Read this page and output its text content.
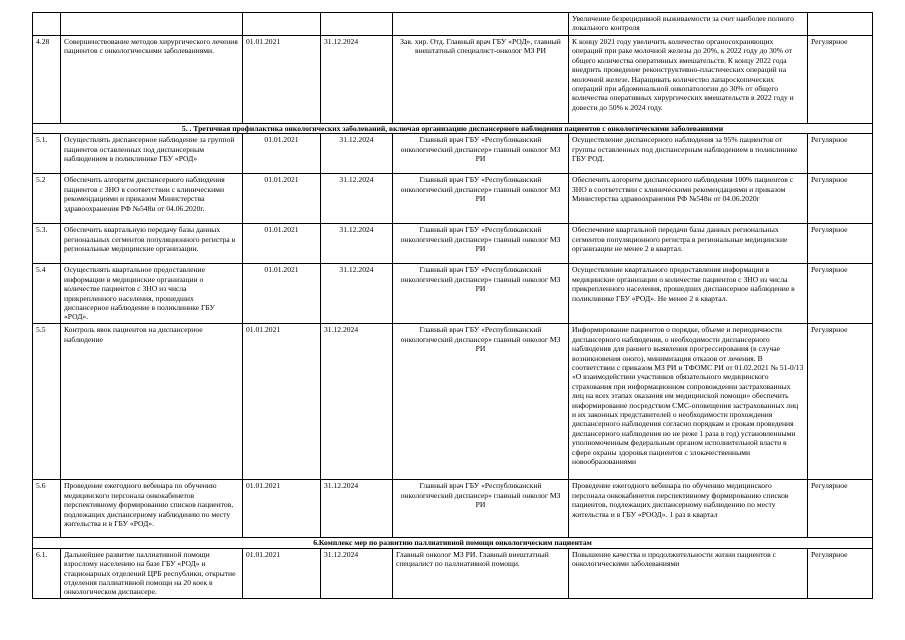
					Увеличение безрецидивной выживаемости за счет наиболее полного локального контроля	
4.28	Совершенствование методов хирургического лечения пациентов с онкологическими заболеваниями.	01.01.2021	31.12.2024	Зав. хир. Отд. Главный врач ГБУ «РОД», главный внештатный специалист-онколог МЗ РИ	К концу 2021 году увеличить количество органосохраняющих операций при раке молочной железы до 20%, к 2022 году до 30% от общего количества оперативных вмешательств. К концу 2022 года внедрить проведение реконструктивно-пластических операций на молочной железе. Наращивать количество лапароскопических операций при абдоминальной онкопатологии до 30% от общего количества оперативных хирургических вмешательств в 2022 году и довести до 50% к 2024 году.	Регулярное
5. . Третичная профилактика онкологических заболеваний, включая организацию диспансерного наблюдения пациентов с онкологическими заболеваниями						
5.1.	Осуществлять диспансерное наблюдение за группой пациентов оставленных под диспансерным наблюдением в поликлинике ГБУ «РОД»	01.01.2021	31.12.2024	Главный врач ГБУ «Республиканский онкологический диспансер» главный онколог МЗ РИ	Осуществление диспансерного наблюдения за 95% пациентов от группы оставленных под диспансерным наблюдением в поликлинике ГБУ РОД.	Регулярное
5.2	Обеспечить алгоритм диспансерного наблюдения пациентов с ЗНО в соответствии с клиническими рекомендациями и приказом Министерства здравоохранения РФ №548н от 04.06.2020г.	01.01.2021	31.12.2024	Главный врач ГБУ «Республиканский онкологический диспансер» главный онколог МЗ РИ	Обеспечить алгоритм диспансерного наблюдения 100% пациентов с ЗНО в соответствии с клиническими рекомендациями и приказом Министерства здравоохранения РФ №548н от 04.06.2020г	Регулярное
5.3.	Обеспечить квартальную передачу базы данных региональных сегментов популяционного регистра в региональные медицинские организации.	01.01.2021	31.12.2024	Главный врач ГБУ «Республиканский онкологический диспансер» главный онколог МЗ РИ	Обеспечение квартальной передачи базы данных региональных сегментов популяционного регистра в региональные медицинские организации не менее 2 в квартал.	Регулярное
5.4	Осуществлять квартальное предоставление информации в медицинские организации о количестве пациентов с ЗНО из числа прикрепленного населения, прошедших диспансерное наблюдение в поликлинике ГБУ «РОД».	01.01.2021	31.12.2024	Главный врач ГБУ «Республиканский онкологический диспансер» главный онколог МЗ РИ	Осуществление квартального предоставления информации в медицинские организации о количестве пациентов с ЗНО из числа прикрепленного населения, прошедших диспансерное наблюдение в поликлинике ГБУ «РОД». Не менее 2 в квартал.	Регулярное
5.5	Контроль явок пациентов на диспансерное наблюдение	01.01.2021	31.12.2024	Главный врач ГБУ «Республиканский онкологический диспансер» главный онколог МЗ РИ	Информирование пациентов о порядке, объеме и периодичности диспансерного наблюдения, о необходимости диспансерного наблюдения для раннего выявления прогрессирования (в случае возникновения оного), минимизация отказов от лечения. В соответствии с приказом МЗ РИ и ТФОМС РИ от 01.02.2021 № 51-0/13 «О взаимодействии участников обязательного медицинского страхования при информационном сопровождении застрахованных лиц на всех этапах оказания им медицинской помощи» обеспечить информирование посредством СМС-оповещения застрахованных лиц и их законных представителей о необходимости прохождения диспансерного наблюдения согласно порядкам и срокам проведения диспансерного наблюдения но не реже 1 раза в год) установленными уполномоченным федеральным органом исполнительной власти в сфере охраны здоровья пациентов с злокачественными новообразованиями	Регулярное
5.6	Проведение ежегодного вебинара по обучению медицинского персонала онкокабинетов перспективному формированию списков пациентов, подлежащих диспансерному наблюдению по месту жительства и в ГБУ «РОД».	01.01.2021	31.12.2024	Главный врач ГБУ «Республиканский онкологический диспансер» главный онколог МЗ РИ	Проведение ежегодного вебинара по обучению медицинского персонала онкокабинетов перспективному формированию списков пациентов, подлежащих диспансерному наблюдению по месту жительства и в ГБУ «РООД». 1 раз в квартал	Регулярное
6.Комплекс мер по развитию паллиативной помощи онкологическим пациентам						
6.1.	Дальнейшее развитие паллиативной помощи взрослому населению на базе ГБУ «РОД» и стационарных отделений ЦРБ республики, открытие отделения паллиативной помощи на 20 коек в онкологическом диспансере.	01.01.2021	31.12.2024	Главный онколог МЗ РИ. Главный внештатный специалист по паллиативной помощи.	Повышение качества и продолжительности жизни пациентов с онкологическими заболеваниями	Регулярное
